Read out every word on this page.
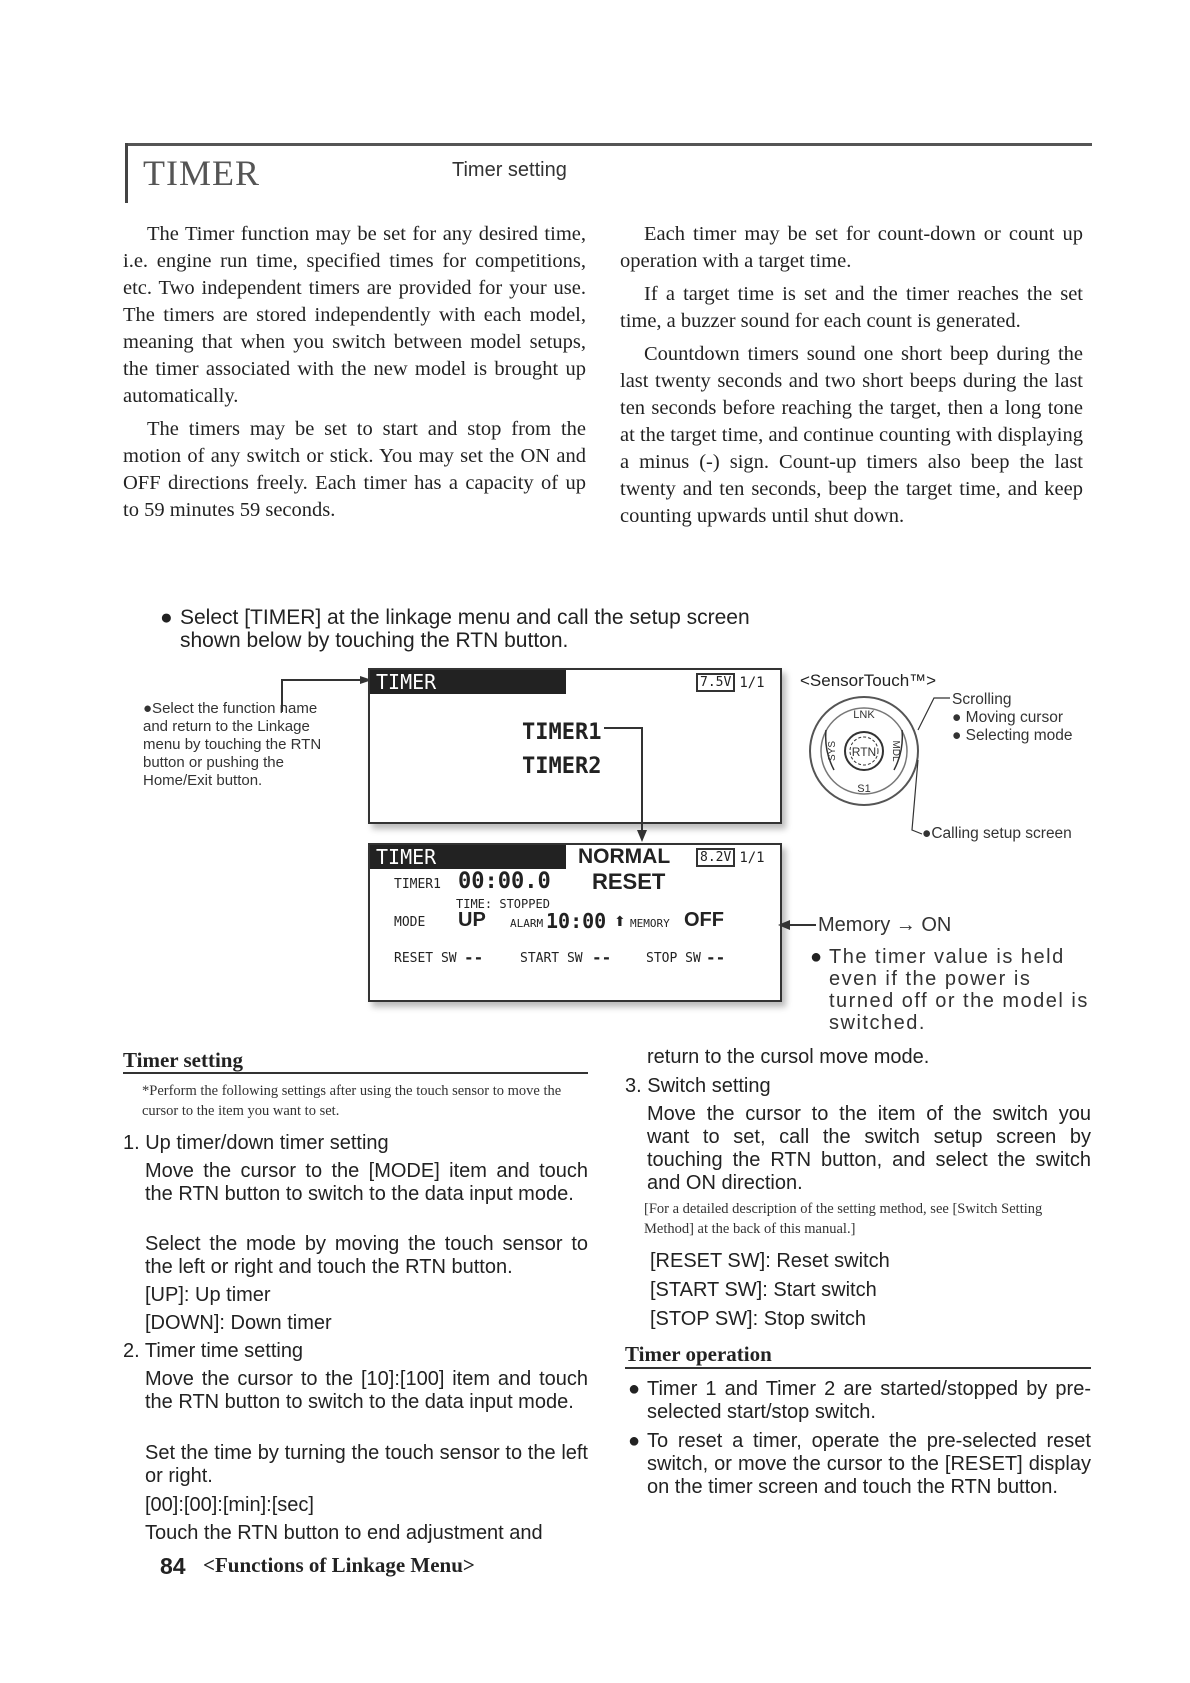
TIMER	Timer setting

The Timer function may be set for any desired time, i.e. engine run time, specified times for competitions, etc. Two independent timers are provided for your use. The timers are stored independently with each model, meaning that when you switch between model setups, the timer associated with the new model is brought up automatically.

The timers may be set to start and stop from the motion of any switch or stick. You may set the ON and OFF directions freely. Each timer has a capacity of up to 59 minutes 59 seconds.

Each timer may be set for count-down or count up operation with a target time.

If a target time is set and the timer reaches the set time, a buzzer sound for each count is generated.

Countdown timers sound one short beep during the last twenty seconds and two short beeps during the last ten seconds before reaching the target, then a long tone at the target time, and continue counting with displaying a minus (-) sign. Count-up timers also beep the last twenty and ten seconds, beep the target time, and keep counting upwards until shut down.

● Select [TIMER] at the linkage menu and call the setup screen shown below by touching the RTN button.
●Select the function name and return to the Linkage menu by touching the RTN button or pushing the Home/Exit button.
TIMER	7.5V 1/1
TIMER1
TIMER2
TIMER	NORMAL	8.2V 1/1
TIMER1 00:00.0 RESET
TIME: STOPPED
MODE UP ALARM 10:00 ⬆ MEMORY OFF
RESET SW --	START SW --	STOP SW --
<SensorTouch™>
RTN
LNK
S1
SYS	MDL
Scrolling
● Moving cursor
● Selecting mode
●Calling setup screen
Memory → ON
● The timer value is held even if the power is turned off or the model is switched.
Timer setting
*Perform the following settings after using the touch sensor to move the cursor to the item you want to set.
1. Up timer/down timer setting
Move the cursor to the [MODE] item and touch the RTN button to switch to the data input mode.
Select the mode by moving the touch sensor to the left or right and touch the RTN button.
[UP]: Up timer
[DOWN]: Down timer
2. Timer time setting
Move the cursor to the [10]:[100] item and touch the RTN button to switch to the data input mode.
Set the time by turning the touch sensor to the left or right.
[00]:[00]:[min]:[sec]
Touch the RTN button to end adjustment and
return to the cursol move mode.
3. Switch setting
Move the cursor to the item of the switch you want to set, call the switch setup screen by touching the RTN button, and select the switch and ON direction.
[For a detailed description of the setting method, see [Switch Setting Method] at the back of this manual.]
[RESET SW]: Reset switch
[START SW]: Start switch
[STOP SW]: Stop switch
Timer operation
● Timer 1 and Timer 2 are started/stopped by pre-selected start/stop switch.
● To reset a timer, operate the pre-selected reset switch, or move the cursor to the [RESET] display on the timer screen and touch the RTN button.
84 <Functions of Linkage Menu>
